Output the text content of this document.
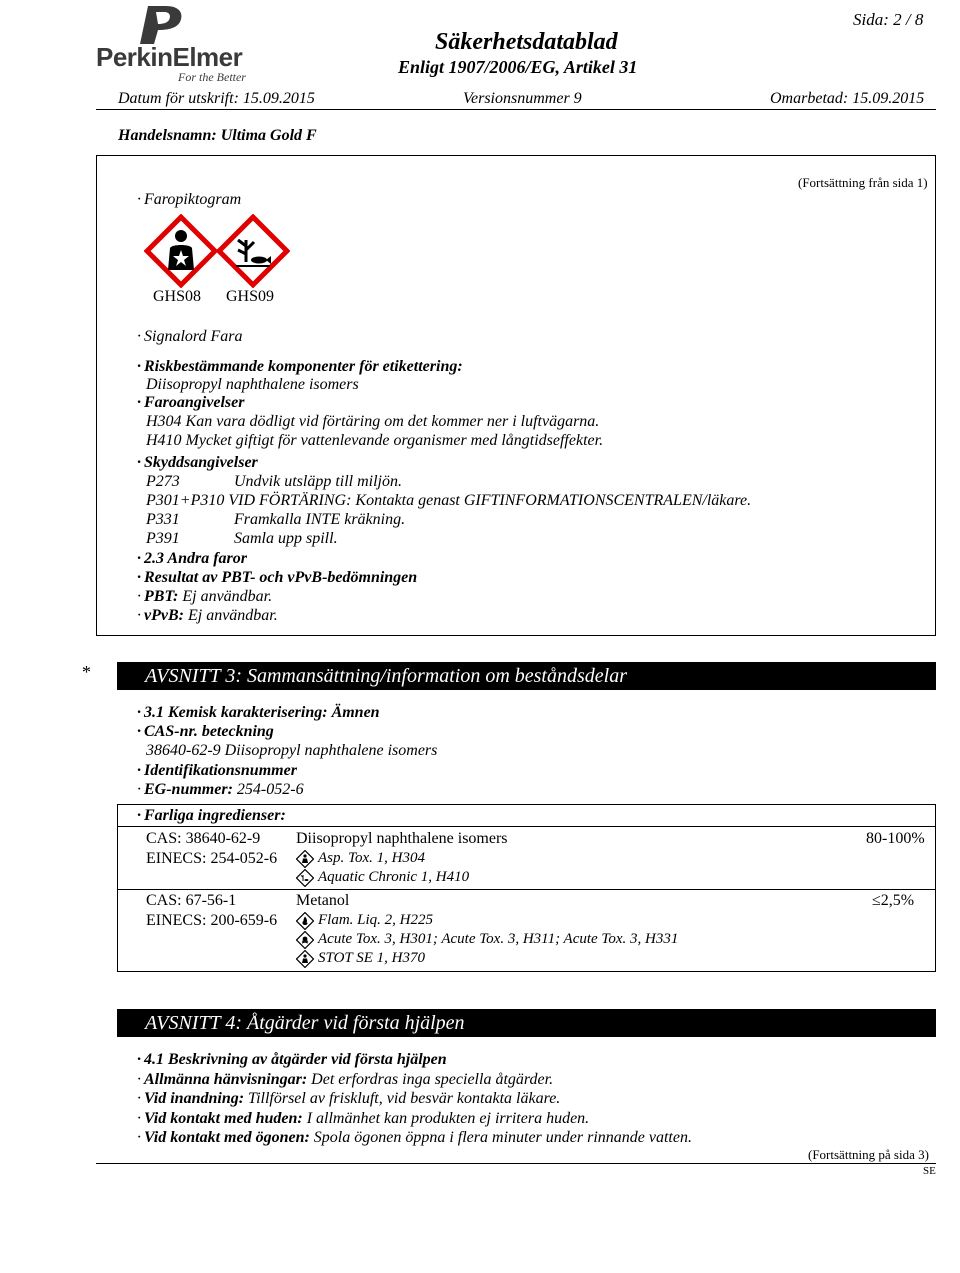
PerkinElmer
For the Better
Säkerhetsdatablad
Enligt 1907/2006/EG, Artikel 31
Sida: 2 / 8
Datum för utskrift: 15.09.2015	Versionsnummer 9	Omarbetad: 15.09.2015
Handelsnamn: Ultima Gold F
(Fortsättning från sida 1)
· Faropiktogram
GHS08 GHS09
· Signalord Fara
· Riskbestämmande komponenter för etikettering:
Diisopropyl naphthalene isomers
· Faroangivelser
H304 Kan vara dödligt vid förtäring om det kommer ner i luftvägarna.
H410 Mycket giftigt för vattenlevande organismer med långtidseffekter.
· Skyddsangivelser
P273	Undvik utsläpp till miljön.
P301+P310 VID FÖRTÄRING: Kontakta genast GIFTINFORMATIONSCENTRALEN/läkare.
P331	Framkalla INTE kräkning.
P391	Samla upp spill.
· 2.3 Andra faror
· Resultat av PBT- och vPvB-bedömningen
· PBT: Ej användbar.
· vPvB: Ej användbar.
*	AVSNITT 3: Sammansättning/information om beståndsdelar
· 3.1 Kemisk karakterisering: Ämnen
· CAS-nr. beteckning
38640-62-9 Diisopropyl naphthalene isomers
· Identifikationsnummer
· EG-nummer: 254-052-6
· Farliga ingredienser:
CAS: 38640-62-9
EINECS: 254-052-6
Diisopropyl naphthalene isomers	80-100%
Asp. Tox. 1, H304
Aquatic Chronic 1, H410
CAS: 67-56-1
EINECS: 200-659-6
Metanol	≤2,5%
Flam. Liq. 2, H225
Acute Tox. 3, H301; Acute Tox. 3, H311; Acute Tox. 3, H331
STOT SE 1, H370
AVSNITT 4: Åtgärder vid första hjälpen
· 4.1 Beskrivning av åtgärder vid första hjälpen
· Allmänna hänvisningar: Det erfordras inga speciella åtgärder.
· Vid inandning: Tillförsel av friskluft, vid besvär kontakta läkare.
· Vid kontakt med huden: I allmänhet kan produkten ej irritera huden.
· Vid kontakt med ögonen: Spola ögonen öppna i flera minuter under rinnande vatten.
(Fortsättning på sida 3)
SE
